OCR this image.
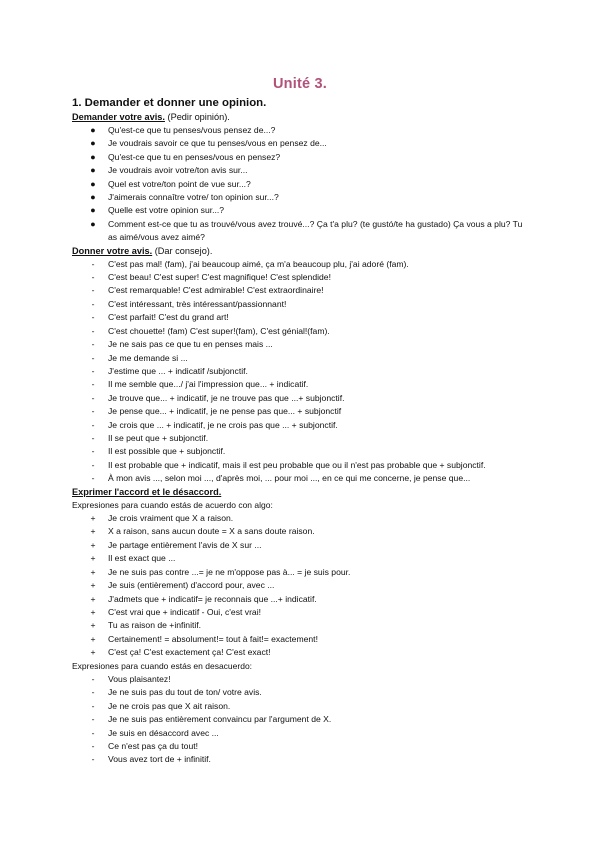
Unité 3.

1. Demander et donner une opinion.

Demander votre avis. (Pedir opinión).

● Qu'est-ce que tu penses/vous pensez de...?
● Je voudrais savoir ce que tu penses/vous en pensez de...
● Qu'est-ce que tu en penses/vous en pensez?
● Je voudrais avoir votre/ton avis sur...
● Quel est votre/ton point de vue sur...?
● J'aimerais connaître votre/ ton opinion sur...?
● Quelle est votre opinion sur...?
● Comment est-ce que tu as trouvé/vous avez trouvé...? Ça t'a plu? (te gustó/te ha gustado) Ça vous a plu? Tu as aimé/vous avez aimé?

Donner votre avis. (Dar consejo).

-	C'est pas mal! (fam), j'ai beaucoup aimé, ça m'a beaucoup plu, j'ai adoré (fam).
-	C'est beau! C'est super! C'est magnifique! C'est splendide!
-	C'est remarquable! C'est admirable! C'est extraordinaire!
-	C'est intéressant, très intéressant/passionnant!
-	C'est parfait! C'est du grand art!
-	C'est chouette! (fam) C'est super!(fam), C'est génial!(fam).
-	Je ne sais pas ce que tu en penses mais ...
-	Je me demande si ...
-	J'estime que ... + indicatif /subjonctif.
-	Il me semble que.../ j'ai l'impression que... + indicatif.
-	Je trouve que... + indicatif, je ne trouve pas que ...+ subjonctif.
-	Je pense que... + indicatif, je ne pense pas que... + subjonctif
-	Je crois que ... + indicatif, je ne crois pas que ... + subjonctif.
-	Il se peut que + subjonctif.
-	Il est possible que + subjonctif.
-	Il est probable que + indicatif, mais il est peu probable que ou il n'est pas probable que + subjonctif.
-	À mon avis ..., selon moi ..., d'après moi, ... pour moi ..., en ce qui me concerne, je pense que...

Exprimer l'accord et le désaccord.

Expresiones para cuando estás de acuerdo con algo:

+ Je crois vraiment que X a raison.
+ X a raison, sans aucun doute = X a sans doute raison.
+ Je partage entièrement l'avis de X sur ...
+ Il est exact que ...
+ Je ne suis pas contre ...= je ne m'oppose pas à... = je suis pour.
+ Je suis (entièrement) d'accord pour, avec ...
+ J'admets que + indicatif= je reconnais que ...+ indicatif.
+ C'est vrai que + indicatif - Oui, c'est vrai!
+ Tu as raison de +infinitif.
+ Certainement! = absolument!= tout à fait!= exactement!
+ C'est ça! C'est exactement ça! C'est exact!

Expresiones para cuando estás en desacuerdo:

-	Vous plaisantez!
-	Je ne suis pas du tout de ton/ votre avis.
-	Je ne crois pas que X ait raison.
-	Je ne suis pas entièrement convaincu par l'argument de X.
-	Je suis en désaccord avec ...
-	Ce n'est pas ça du tout!
-	Vous avez tort de + infinitif.
